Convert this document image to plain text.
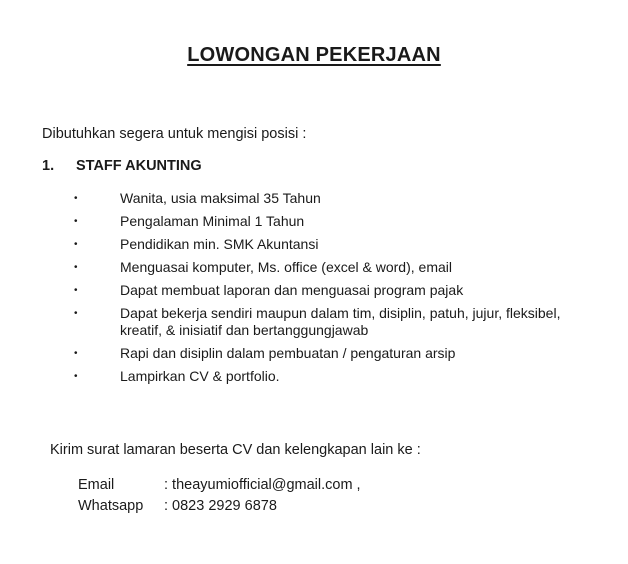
LOWONGAN PEKERJAAN
Dibutuhkan segera untuk mengisi posisi :
1.	STAFF AKUNTING
•	Wanita, usia maksimal 35 Tahun
•	Pengalaman Minimal 1 Tahun
•	Pendidikan min. SMK Akuntansi
•	Menguasai komputer, Ms. office (excel & word), email
•	Dapat membuat laporan dan menguasai program pajak
•	Dapat bekerja sendiri maupun dalam tim, disiplin, patuh, jujur, fleksibel, kreatif, & inisiatif dan bertanggungjawab
•	Rapi dan disiplin dalam pembuatan / pengaturan arsip
•	Lampirkan CV & portfolio.
Kirim surat lamaran beserta CV dan kelengkapan lain ke :
Email	: theayumiofficial@gmail.com ,
Whatsapp	: 0823 2929 6878
